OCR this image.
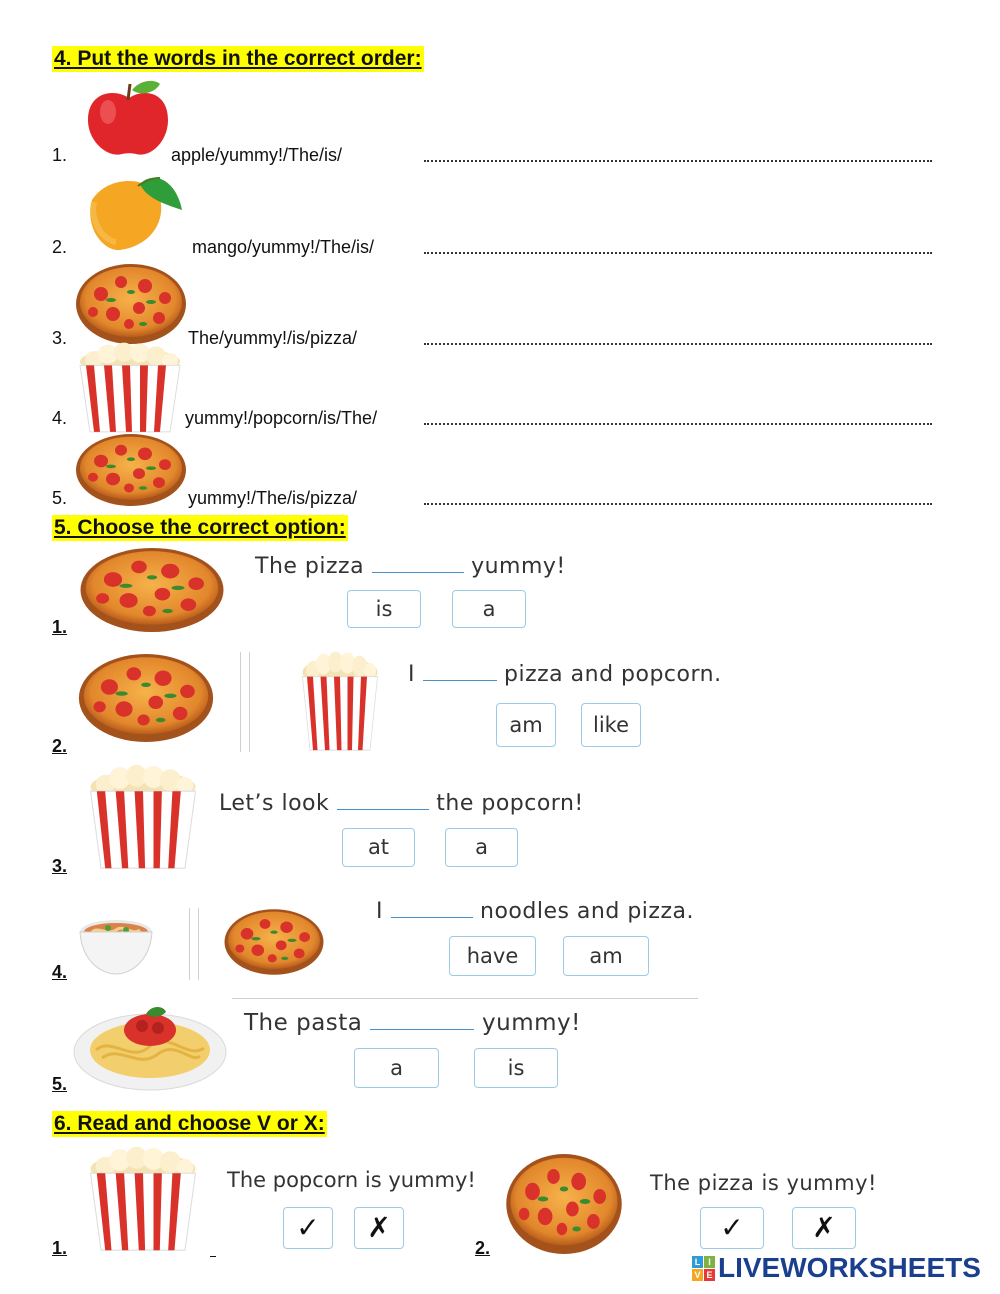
4. Put the words in the correct order:
1.	apple/yummy!/The/is/
2.	mango/yummy!/The/is/
3.	The/yummy!/is/pizza/
4.	yummy!/popcorn/is/The/
5.	yummy!/The/is/pizza/
5. Choose the correct option:
1.
The pizza	yummy!
is	a
2.
I	pizza and popcorn.
am	like
3.
Let’s look	the popcorn!
at	a
4.
I	noodles and pizza.
have	am
5.
The pasta	yummy!
a	is
6. Read and choose V or X:
1.
The popcorn is yummy!
✓	✗
2.
The pizza is yummy!
✓	✗
L I
V E LIVEWORKSHEETS
